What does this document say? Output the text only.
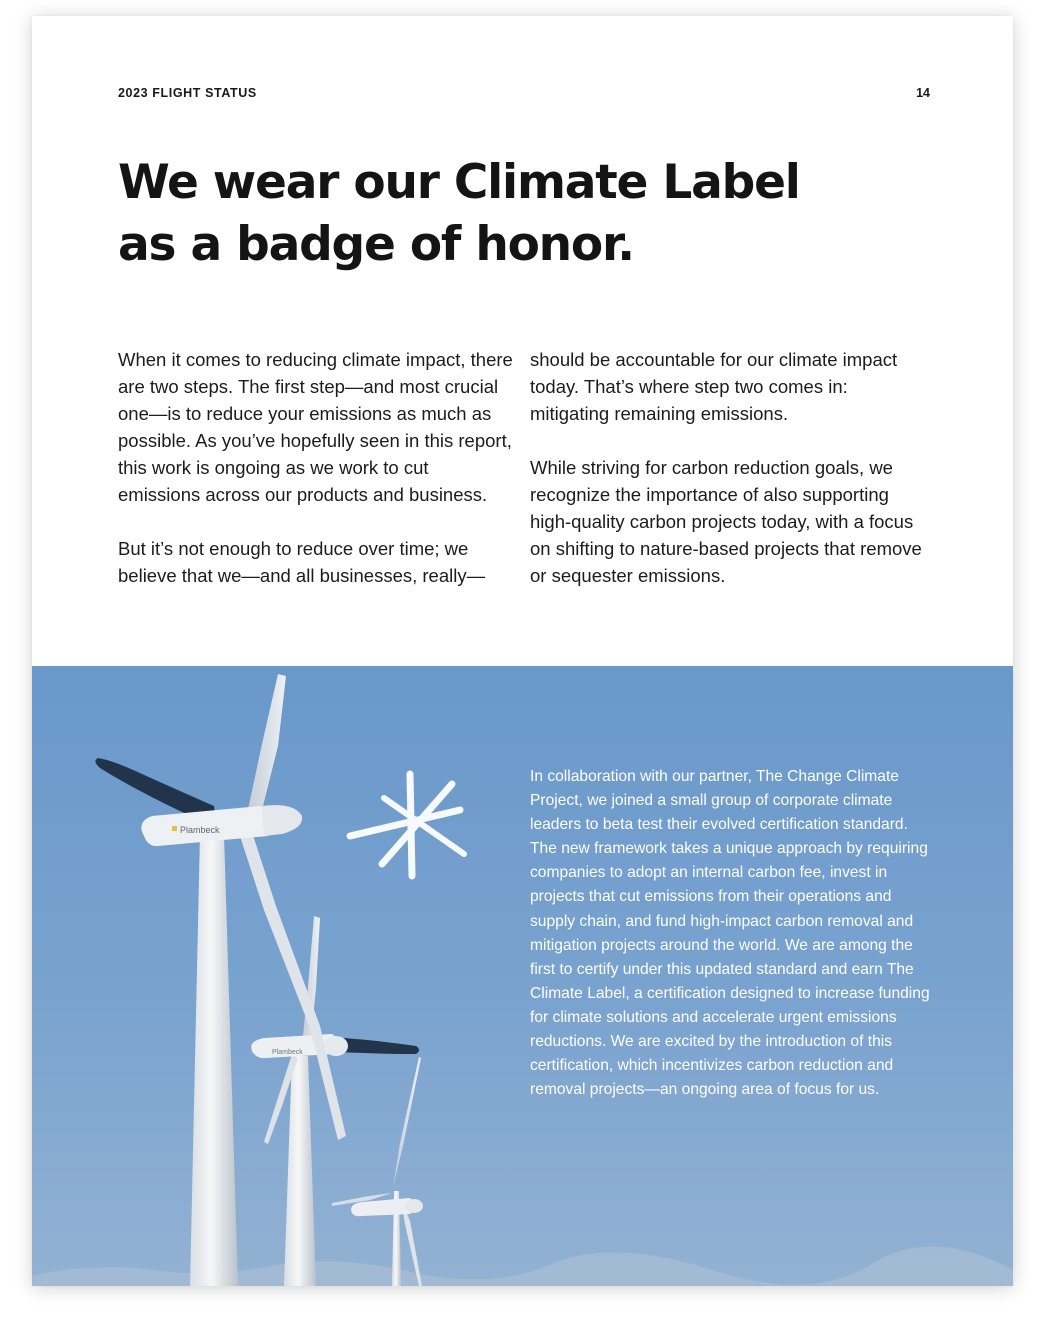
2023 FLIGHT STATUS	14
We wear our Climate Label
as a badge of honor.

When it comes to reducing climate impact, there are two steps. The first step—and most crucial one—is to reduce your emissions as much as possible. As you’ve hopefully seen in this report, this work is ongoing as we work to cut emissions across our products and business.

But it’s not enough to reduce over time; we believe that we—and all businesses, really—

should be accountable for our climate impact today. That’s where step two comes in: mitigating remaining emissions.

While striving for carbon reduction goals, we recognize the importance of also supporting high-quality carbon projects today, with a focus on shifting to nature-based projects that remove or sequester emissions.

Plambeck
Plambeck

In collaboration with our partner, The Change Climate Project, we joined a small group of corporate climate leaders to beta test their evolved certification standard. The new framework takes a unique approach by requiring companies to adopt an internal carbon fee, invest in projects that cut emissions from their operations and supply chain, and fund high-impact carbon removal and mitigation projects around the world. We are among the first to certify under this updated standard and earn The Climate Label, a certification designed to increase funding for climate solutions and accelerate urgent emissions reductions. We are excited by the introduction of this certification, which incentivizes carbon reduction and removal projects—an ongoing area of focus for us.
